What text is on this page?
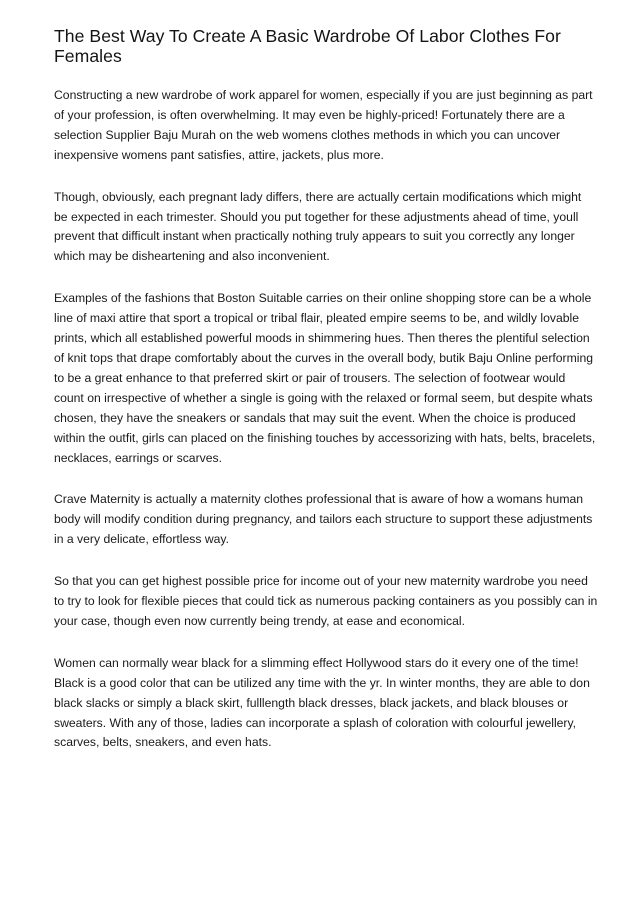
The Best Way To Create A Basic Wardrobe Of Labor Clothes For Females

Constructing a new wardrobe of work apparel for women, especially if you are just beginning as part of your profession, is often overwhelming. It may even be highly-priced! Fortunately there are a selection Supplier Baju Murah on the web womens clothes methods in which you can uncover inexpensive womens pant satisfies, attire, jackets, plus more.

Though, obviously, each pregnant lady differs, there are actually certain modifications which might be expected in each trimester. Should you put together for these adjustments ahead of time, youll prevent that difficult instant when practically nothing truly appears to suit you correctly any longer which may be disheartening and also inconvenient.

Examples of the fashions that Boston Suitable carries on their online shopping store can be a whole line of maxi attire that sport a tropical or tribal flair, pleated empire seems to be, and wildly lovable prints, which all established powerful moods in shimmering hues. Then theres the plentiful selection of knit tops that drape comfortably about the curves in the overall body, butik Baju Online performing to be a great enhance to that preferred skirt or pair of trousers. The selection of footwear would count on irrespective of whether a single is going with the relaxed or formal seem, but despite whats chosen, they have the sneakers or sandals that may suit the event. When the choice is produced within the outfit, girls can placed on the finishing touches by accessorizing with hats, belts, bracelets, necklaces, earrings or scarves.

Crave Maternity is actually a maternity clothes professional that is aware of how a womans human body will modify condition during pregnancy, and tailors each structure to support these adjustments in a very delicate, effortless way.

So that you can get highest possible price for income out of your new maternity wardrobe you need to try to look for flexible pieces that could tick as numerous packing containers as you possibly can in your case, though even now currently being trendy, at ease and economical.

Women can normally wear black for a slimming effect Hollywood stars do it every one of the time! Black is a good color that can be utilized any time with the yr. In winter months, they are able to don black slacks or simply a black skirt, fulllength black dresses, black jackets, and black blouses or sweaters. With any of those, ladies can incorporate a splash of coloration with colourful jewellery, scarves, belts, sneakers, and even hats.
